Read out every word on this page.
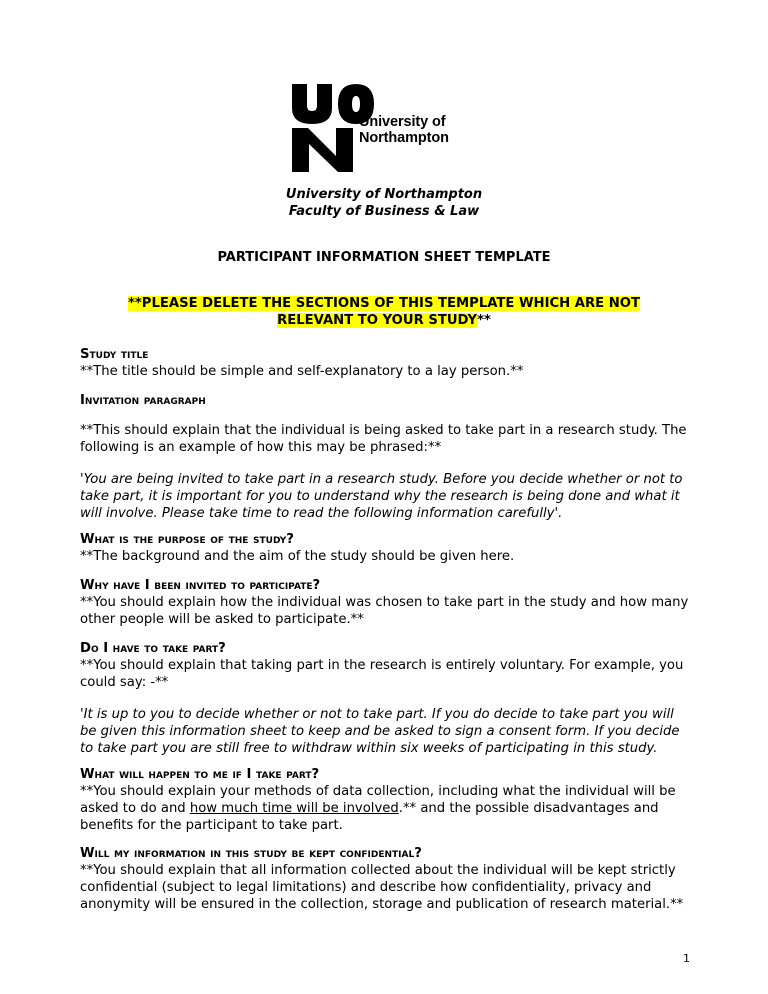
University of
Northampton
University of Northampton
Faculty of Business & Law
PARTICIPANT INFORMATION SHEET TEMPLATE
**PLEASE DELETE THE SECTIONS OF THIS TEMPLATE WHICH ARE NOT
RELEVANT TO YOUR STUDY**
Study title
**The title should be simple and self-explanatory to a lay person.**
Invitation paragraph
**This should explain that the individual is being asked to take part in a research study. The following is an example of how this may be phrased:**
'You are being invited to take part in a research study. Before you decide whether or not to take part, it is important for you to understand why the research is being done and what it will involve. Please take time to read the following information carefully'.
What is the purpose of the study?
**The background and the aim of the study should be given here.
Why have I been invited to participate?
**You should explain how the individual was chosen to take part in the study and how many other people will be asked to participate.**
Do I have to take part?
**You should explain that taking part in the research is entirely voluntary. For example, you could say: -**
'It is up to you to decide whether or not to take part. If you do decide to take part you will be given this information sheet to keep and be asked to sign a consent form. If you decide to take part you are still free to withdraw within six weeks of participating in this study.
What will happen to me if I take part?
**You should explain your methods of data collection, including what the individual will be asked to do and how much time will be involved.** and the possible disadvantages and benefits for the participant to take part.
Will my information in this study be kept confidential?
**You should explain that all information collected about the individual will be kept strictly confidential (subject to legal limitations) and describe how confidentiality, privacy and anonymity will be ensured in the collection, storage and publication of research material.**
1
